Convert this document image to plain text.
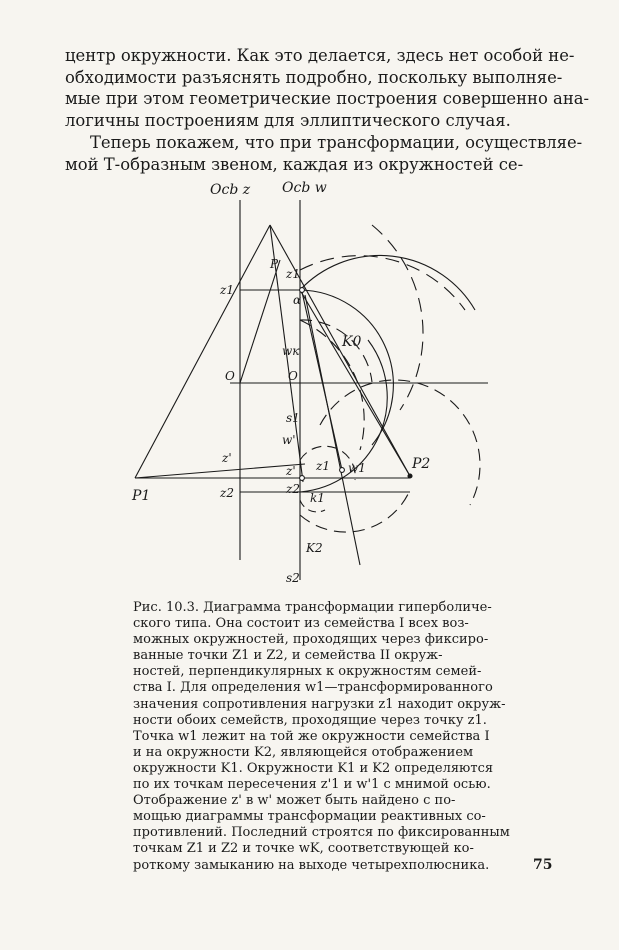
центр окружности. Как это делается, здесь нет особой не-
обходимости разъяснять подробно, поскольку выполняе-
мые при этом геометрические построения совершенно ана-
логичны построениям для эллиптического случая.

Теперь покажем, что при трансформации, осуществляе-
мой Т-образным звеном, каждая из окружностей се-

Ocb z Ocb w
z1
O
z'
z2
P1
P
z1
α
wк
K0
O
s1
w'
z'
z2
w1
z1
k1
K2
s2
P2
Рис. 10.3. Диаграмма трансформации гиперболиче-
ского типа. Она состоит из семейства I всех воз-
можных окружностей, проходящих через фиксиро-
ванные точки Z1 и Z2, и семейства II окруж-
ностей, перпендикулярных к окружностям семей-
ства I. Для определения w1—трансформированного
значения сопротивления нагрузки z1 находит окруж-
ности обоих семейств, проходящие через точку z1.
Точка w1 лежит на той же окружности семейства I
и на окружности K2, являющейся отображением
окружности K1. Окружности K1 и K2 определяются
по их точкам пересечения z'1 и w'1 с мнимой осью.
Отображение z' в w' может быть найдено с по-
мощью диаграммы трансформации реактивных со-
противлений. Последний строятся по фиксированным
точкам Z1 и Z2 и точке wK, соответствующей ко-
роткому замыканию на выходе четырехполюсника.	75
